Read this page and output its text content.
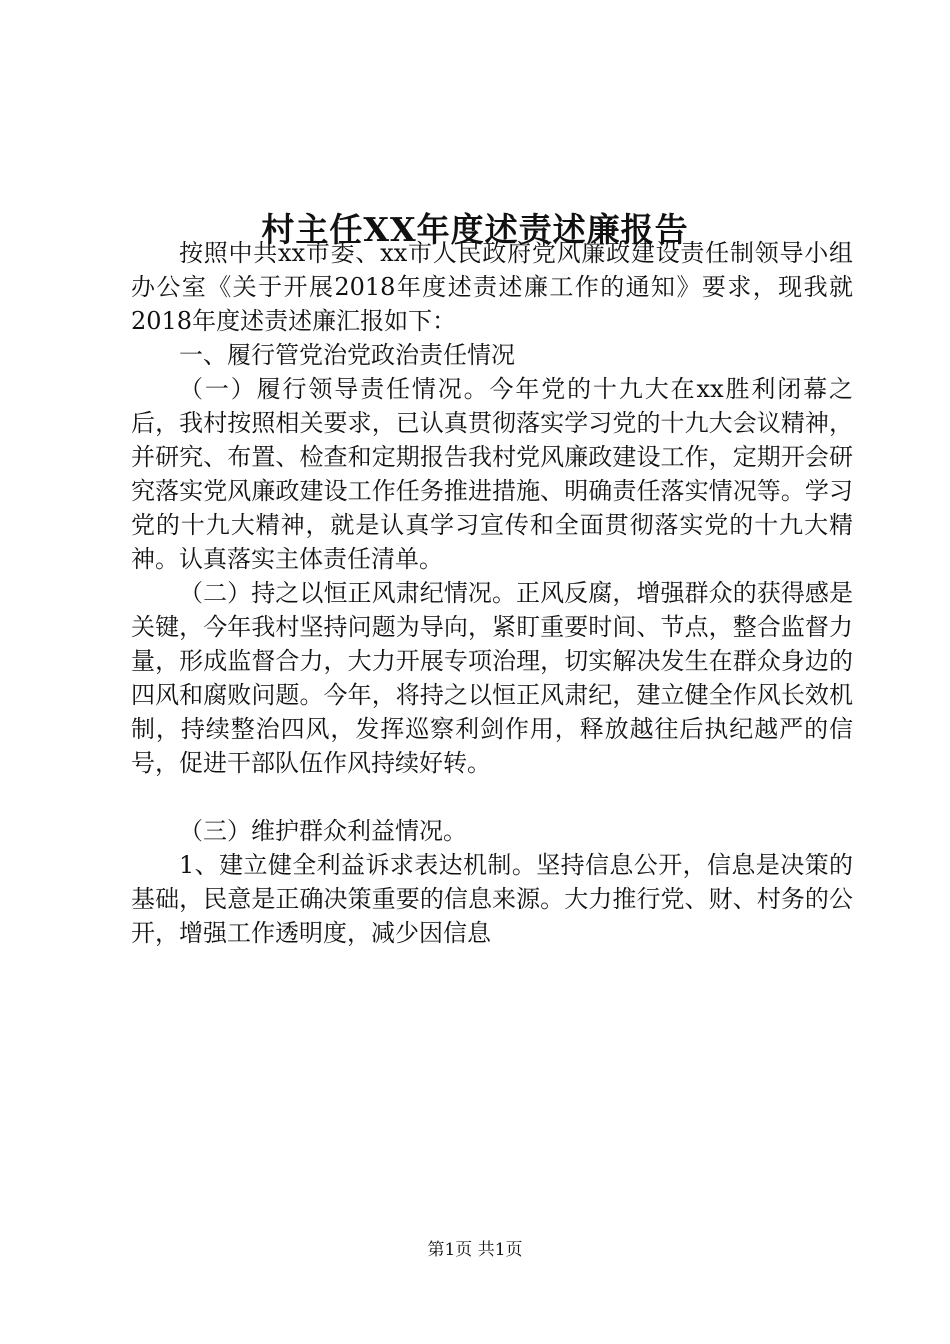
村主任XX年度述责述廉报告

按照中共xx市委、xx市人民政府党风廉政建设责任制领导小组办公室《关于开展2018年度述责述廉工作的通知》要求，现我就2018年度述责述廉汇报如下：

一、履行管党治党政治责任情况

（一）履行领导责任情况。今年党的十九大在xx胜利闭幕之后，我村按照相关要求，已认真贯彻落实学习党的十九大会议精神，并研究、布置、检查和定期报告我村党风廉政建设工作，定期开会研究落实党风廉政建设工作任务推进措施、明确责任落实情况等。学习党的十九大精神，就是认真学习宣传和全面贯彻落实党的十九大精神。认真落实主体责任清单。

（二）持之以恒正风肃纪情况。正风反腐，增强群众的获得感是关键，今年我村坚持问题为导向，紧盯重要时间、节点，整合监督力量，形成监督合力，大力开展专项治理，切实解决发生在群众身边的四风和腐败问题。今年，将持之以恒正风肃纪，建立健全作风长效机制，持续整治四风，发挥巡察利剑作用，释放越往后执纪越严的信号，促进干部队伍作风持续好转。

（三）维护群众利益情况。

1、建立健全利益诉求表达机制。坚持信息公开，信息是决策的基础，民意是正确决策重要的信息来源。大力推行党、财、村务的公开，增强工作透明度，减少因信息

第1页 共1页
